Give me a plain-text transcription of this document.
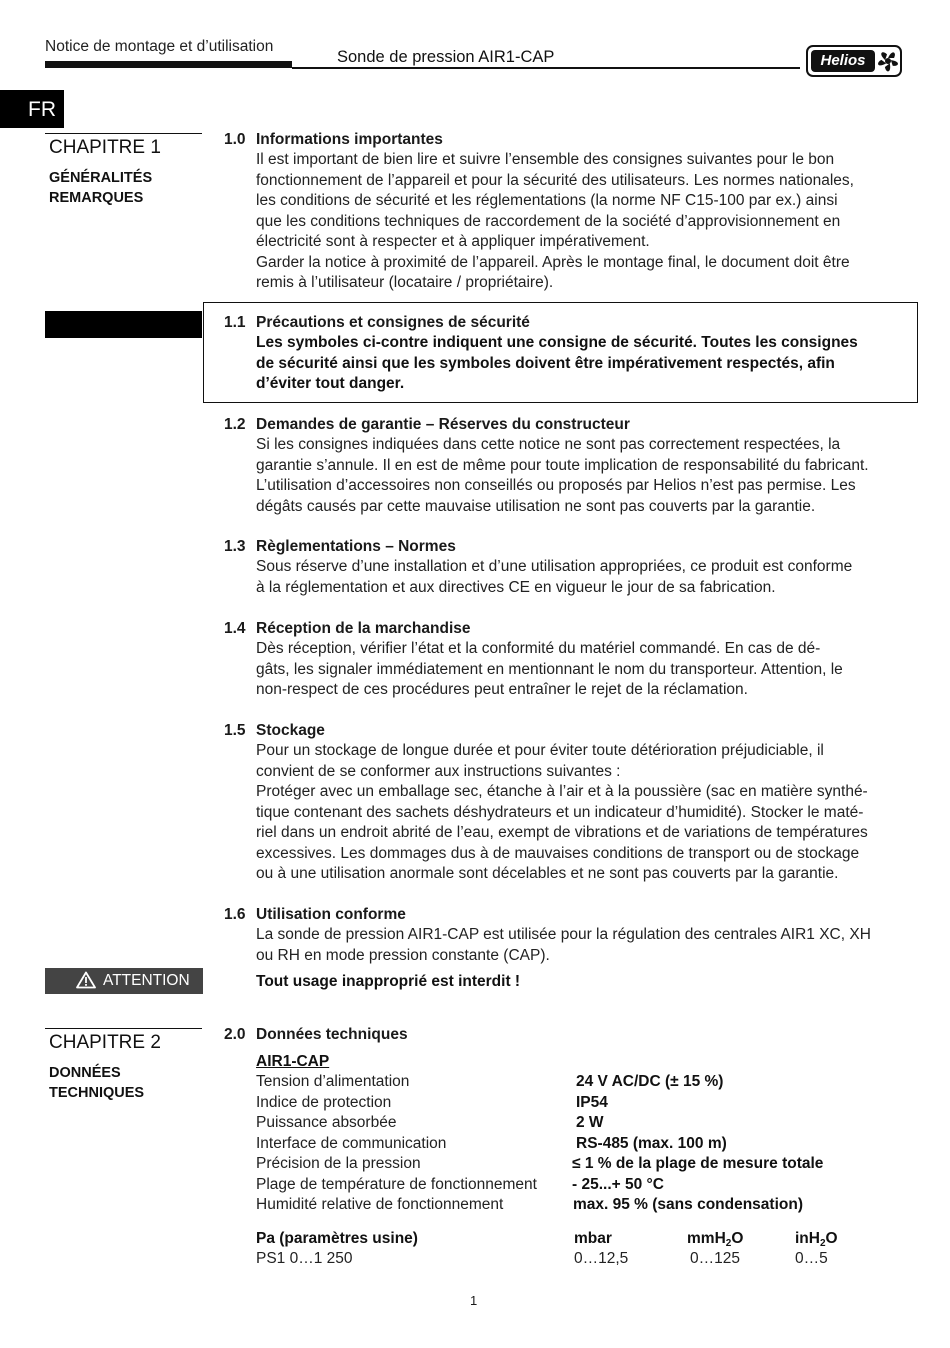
Notice de montage et d’utilisation
Sonde de pression AIR1-CAP	Helios
FR
CHAPITRE 1
GÉNÉRALITÉS
REMARQUES
1.0 Informations importantes

Il est important de bien lire et suivre l’ensemble des consignes suivantes pour le bon

fonctionnement de l’appareil et pour la sécurité des utilisateurs. Les normes nationales,

les conditions de sécurité et les réglementations (la norme NF C15-100 par ex.) ainsi

que les conditions techniques de raccordement de la société d’approvisionnement en

électricité sont à respecter et à appliquer impérativement.

Garder la notice à proximité de l’appareil. Après le montage final, le document doit être

remis à l’utilisateur (locataire / propriétaire).

1.1 Précautions et consignes de sécurité

Les symboles ci-contre indiquent une consigne de sécurité. Toutes les consignes

de sécurité ainsi que les symboles doivent être impérativement respectés, afin

d’éviter tout danger.

1.2 Demandes de garantie – Réserves du constructeur

Si les consignes indiquées dans cette notice ne sont pas correctement respectées, la

garantie s’annule. Il en est de même pour toute implication de responsabilité du fabricant.

L’utilisation d’accessoires non conseillés ou proposés par Helios n’est pas permise. Les

dégâts causés par cette mauvaise utilisation ne sont pas couverts par la garantie.

1.3 Règlementations – Normes

Sous réserve d’une installation et d’une utilisation appropriées, ce produit est conforme

à la réglementation et aux directives CE en vigueur le jour de sa fabrication.

1.4 Réception de la marchandise

Dès réception, vérifier l’état et la conformité du matériel commandé. En cas de dé-

gâts, les signaler immédiatement en mentionnant le nom du transporteur. Attention, le

non-respect de ces procédures peut entraîner le rejet de la réclamation.

1.5 Stockage

Pour un stockage de longue durée et pour éviter toute détérioration préjudiciable, il

convient de se conformer aux instructions suivantes :

Protéger avec un emballage sec, étanche à l’air et à la poussière (sac en matière synthé-

tique contenant des sachets déshydrateurs et un indicateur d’humidité). Stocker le maté-

riel dans un endroit abrité de l’eau, exempt de vibrations et de variations de températures

excessives. Les dommages dus à de mauvaises conditions de transport ou de stockage

ou à une utilisation anormale sont décelables et ne sont pas couverts par la garantie.

1.6 Utilisation conforme

La sonde de pression AIR1-CAP est utilisée pour la régulation des centrales AIR1 XC, XH

ou RH en mode pression constante (CAP).

ATTENTION	Tout usage inapproprié est interdit !
CHAPITRE 2
DONNÉES
TECHNIQUES
2.0 Données techniques
AIR1-CAP
Tension d’alimentation	24 V AC/DC (± 15 %)
Indice de protection	IP54
Puissance absorbée	2 W
Interface de communication	RS-485 (max. 100 m)
Précision de la pression	≤ 1 % de la plage de mesure totale
Plage de température de fonctionnement - 25...+ 50 °C
Humidité relative de fonctionnement	max. 95 % (sans condensation)
Pa (paramètres usine)	mbar	mmH$_2$O	inH$_2$O
PS1 0…1 250	0…12,5	0…125	0…5
1
